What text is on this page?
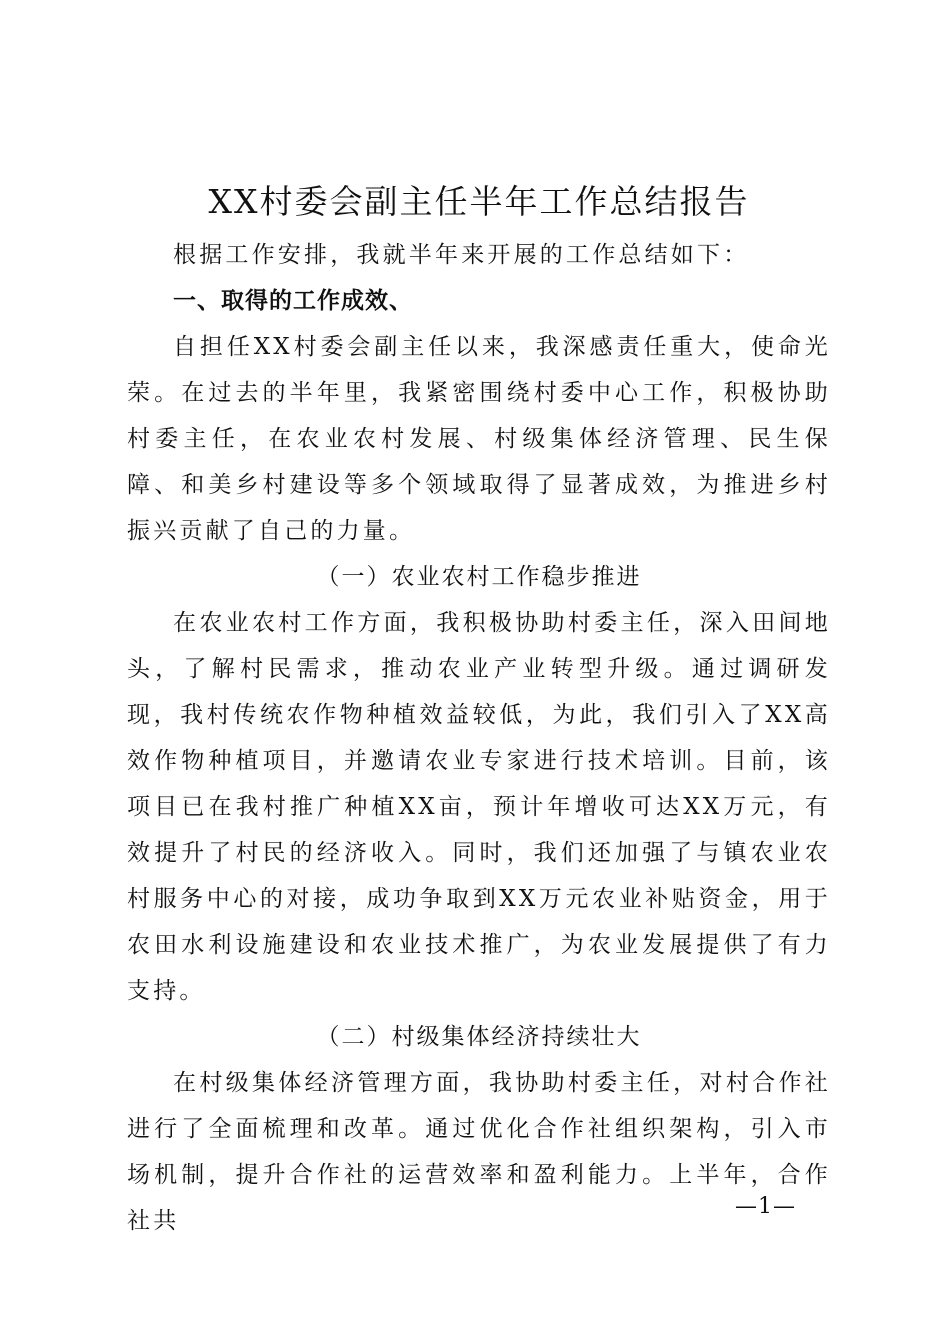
XX村委会副主任半年工作总结报告

根据工作安排，我就半年来开展的工作总结如下：

一、取得的工作成效、

自担任XX村委会副主任以来，我深感责任重大，使命光荣。在过去的半年里，我紧密围绕村委中心工作，积极协助村委主任，在农业农村发展、村级集体经济管理、民生保障、和美乡村建设等多个领域取得了显著成效，为推进乡村振兴贡献了自己的力量。

（一）农业农村工作稳步推进

在农业农村工作方面，我积极协助村委主任，深入田间地头，了解村民需求，推动农业产业转型升级。通过调研发现，我村传统农作物种植效益较低，为此，我们引入了XX高效作物种植项目，并邀请农业专家进行技术培训。目前，该项目已在我村推广种植XX亩，预计年增收可达XX万元，有效提升了村民的经济收入。同时，我们还加强了与镇农业农村服务中心的对接，成功争取到XX万元农业补贴资金，用于农田水利设施建设和农业技术推广，为农业发展提供了有力支持。

（二）村级集体经济持续壮大

在村级集体经济管理方面，我协助村委主任，对村合作社进行了全面梳理和改革。通过优化合作社组织架构，引入市场机制，提升合作社的运营效率和盈利能力。上半年，合作社共

—1—
